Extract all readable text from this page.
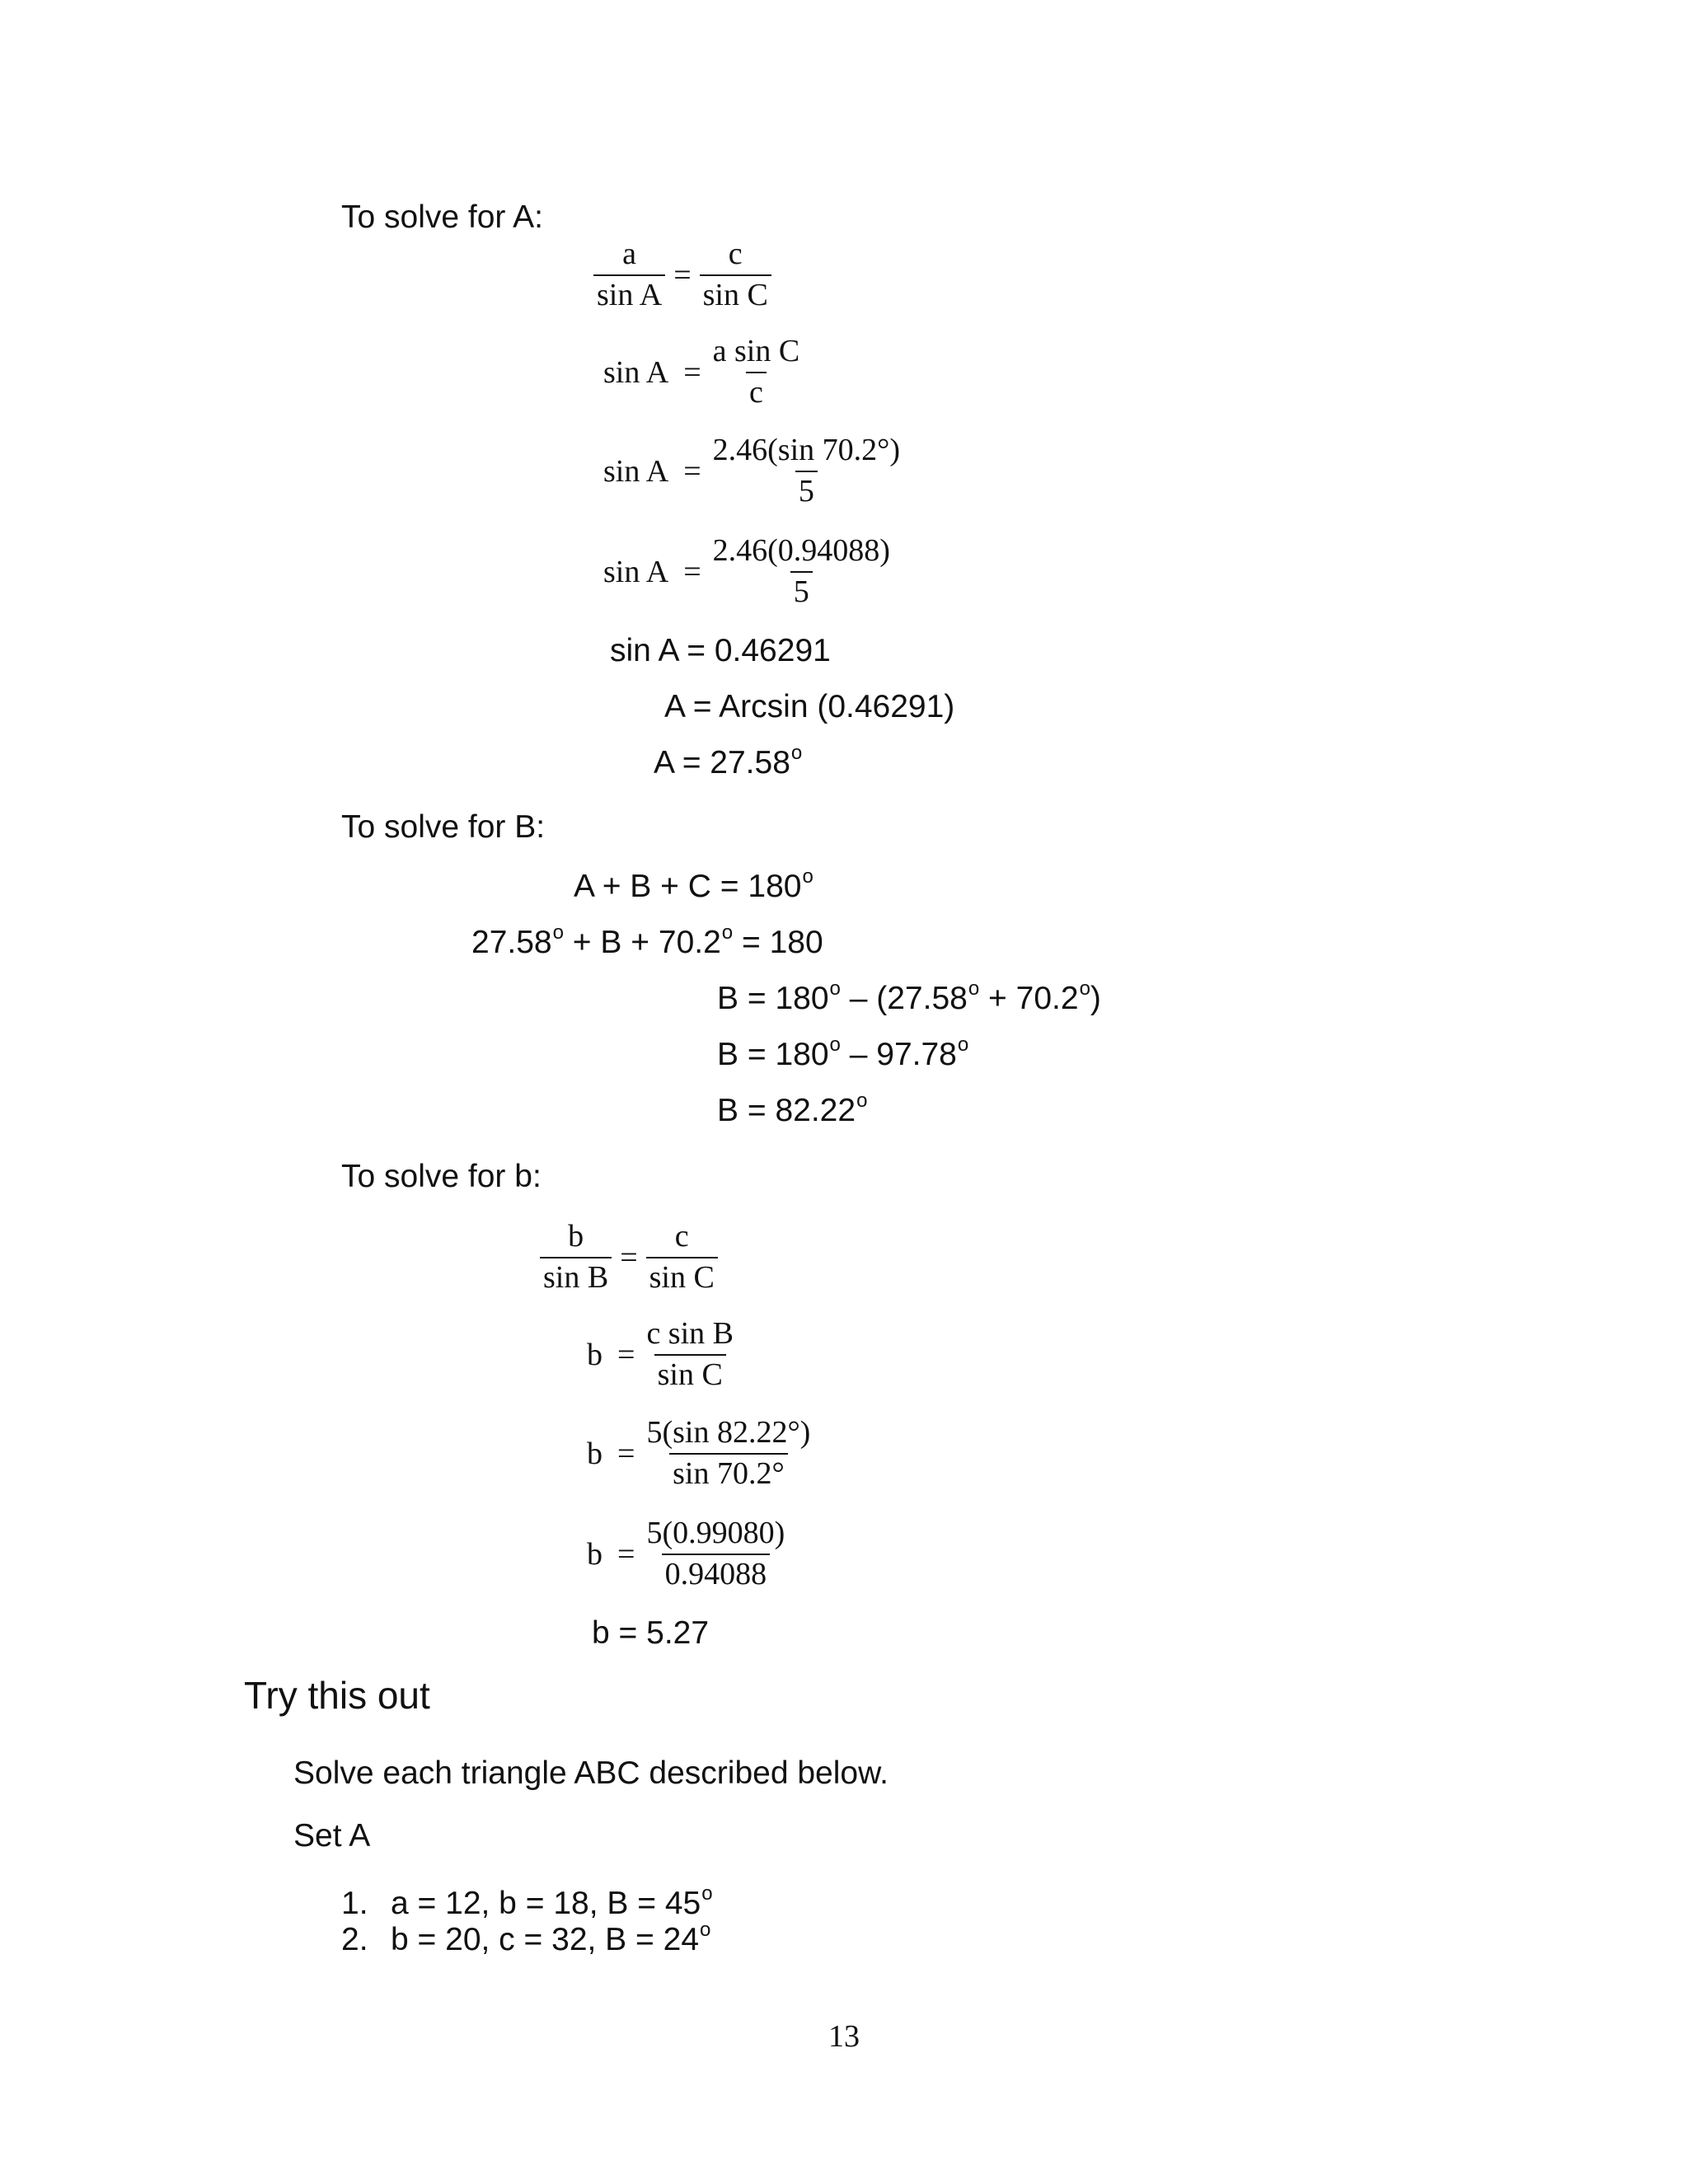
To solve for A:
$\frac{a}{\text{sin A}} = \frac{c}{\text{sin C}}$
$\sin A = \frac{\text{a sin C}}{c}$
$\sin A = \frac{2.46(\sin 70.2^\circ)}{5}$
$\sin A = \frac{2.46(0.94088)}{5}$
sin A = 0.46291
A = Arcsin (0.46291)
$A = 27.58^o$
To solve for B:
$A + B + C = 180^o$
$27.58^o + B + 70.2^o = 180$
$B = 180^o - (27.58^o + 70.2^o)$
$B = 180^o - 97.78^o$
$B = 82.22^o$
To solve for b:
$\frac{b}{\text{sin B}} = \frac{c}{\text{sin C}}$
$b = \frac{\text{c sin B}}{\text{sin C}}$
$b = \frac{5(\sin 82.22^\circ)}{\sin 70.2^\circ}$
$b = \frac{5(0.99080)}{0.94088}$
b = 5.27
Try this out
Solve each triangle ABC described below.
Set A
1. a = 12, b = 18, $B = 45^o$
2. b = 20, c = 32, $B = 24^o$
13
